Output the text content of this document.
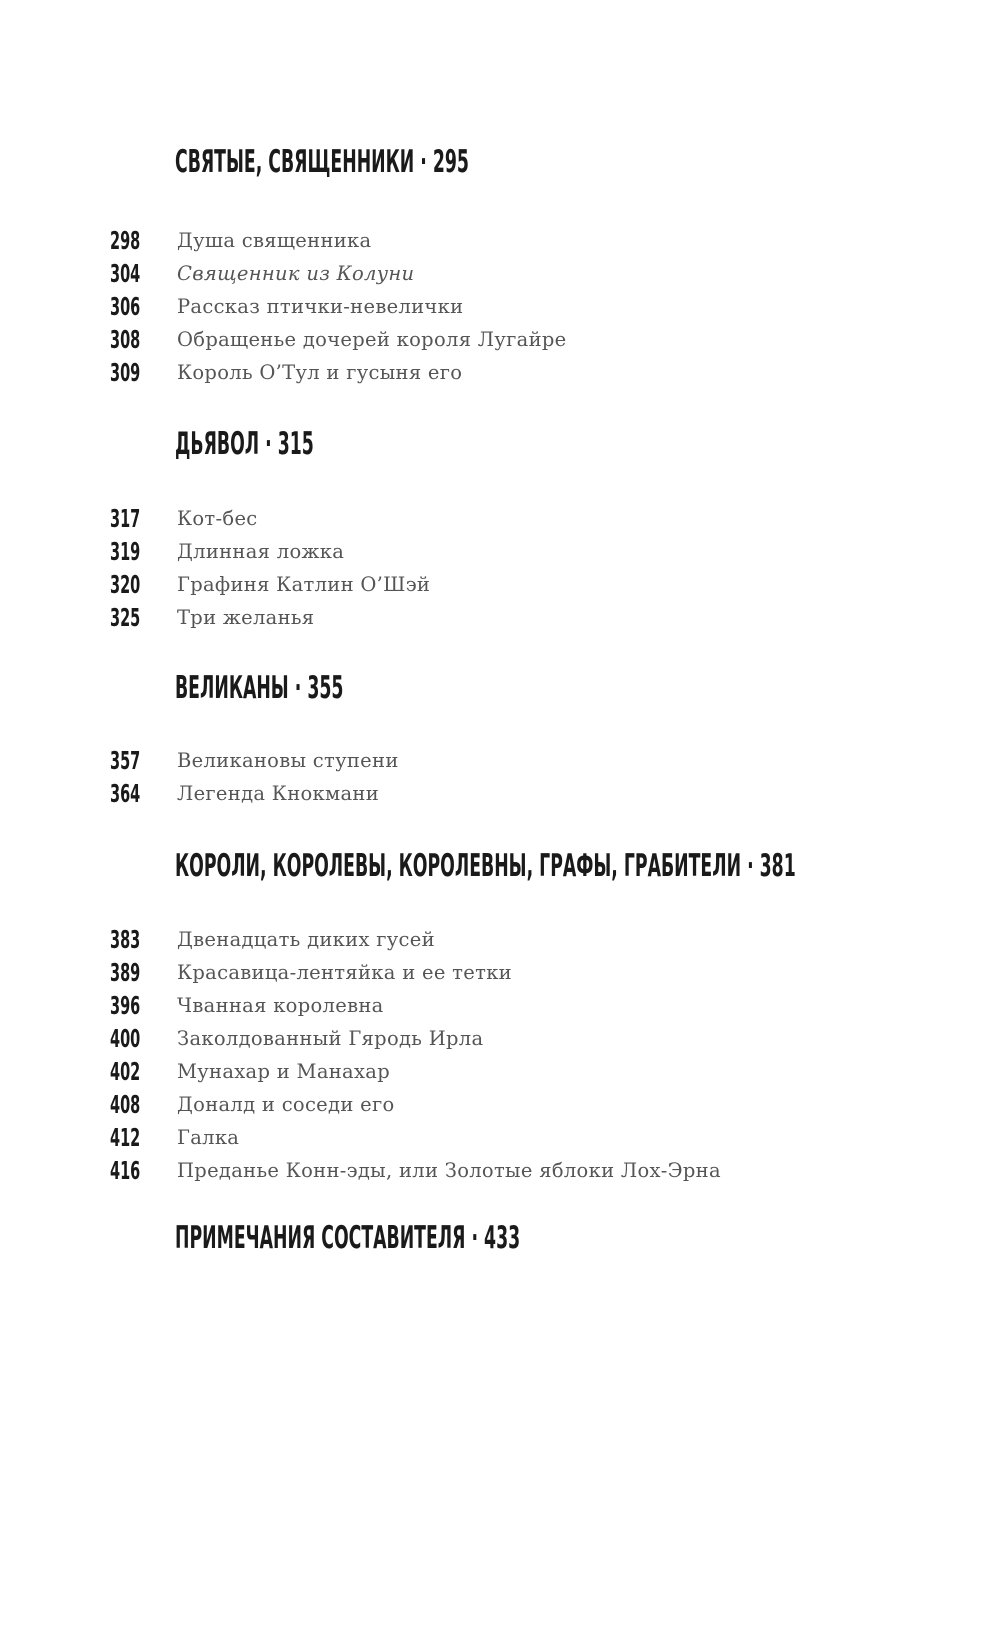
СВЯТЫЕ, СВЯЩЕННИКИ · 295
298 Душа священника
304 Священник из Колуни
306 Рассказ птички-невелички
308 Обращенье дочерей короля Лугайре
309 Король О’Тул и гусыня его
ДЬЯВОЛ · 315
317 Кот-бес
319 Длинная ложка
320 Графиня Катлин О’Шэй
325 Три желанья
ВЕЛИКАНЫ · 355
357 Великановы ступени
364 Легенда Кнокмани
КОРОЛИ, КОРОЛЕВЫ, КОРОЛЕВНЫ, ГРАФЫ, ГРАБИТЕЛИ · 381
383 Двенадцать диких гусей
389 Красавица-лентяйка и ее тетки
396 Чванная королевна
400 Заколдованный Гяродь Ирла
402 Мунахар и Манахар
408 Доналд и соседи его
412 Галка
416 Преданье Конн-эды, или Золотые яблоки Лох-Эрна
ПРИМЕЧАНИЯ СОСТАВИТЕЛЯ · 433
